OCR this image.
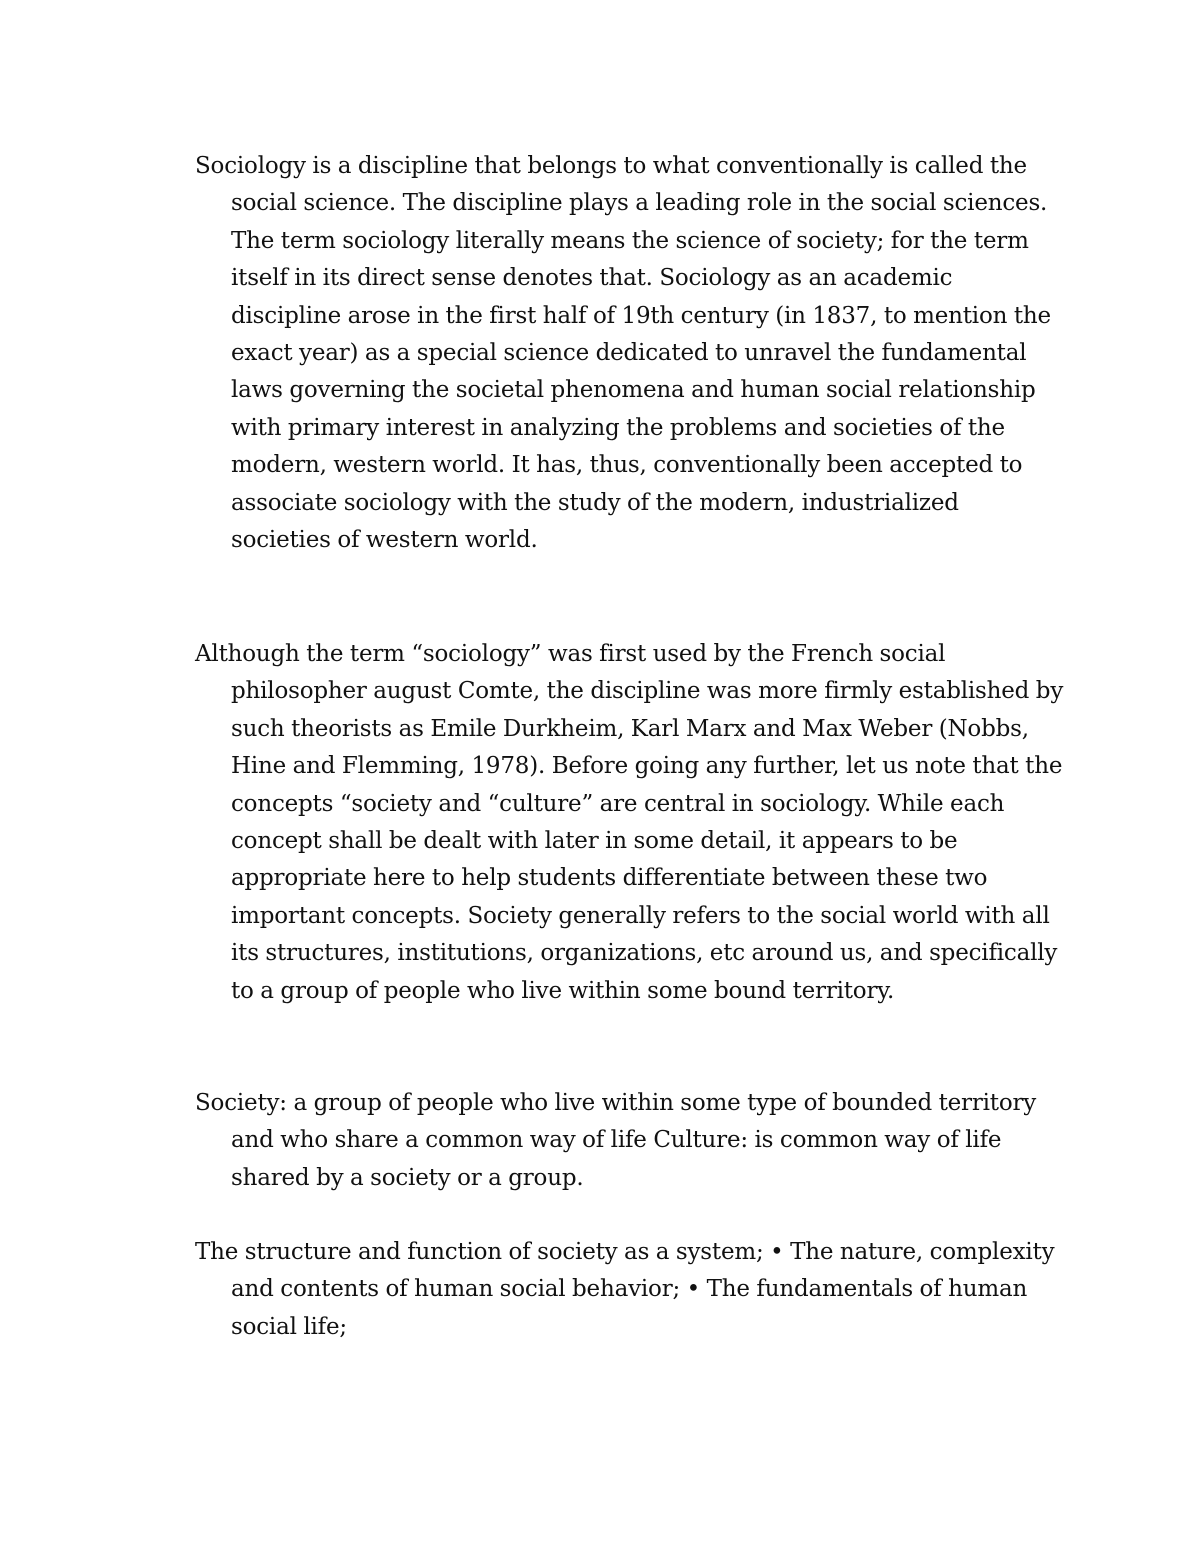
Sociology is a discipline that belongs to what conventionally is called the social science. The discipline plays a leading role in the social sciences. The term sociology literally means the science of society; for the term itself in its direct sense denotes that. Sociology as an academic discipline arose in the first half of 19th century (in 1837, to mention the exact year) as a special science dedicated to unravel the fundamental laws governing the societal phenomena and human social relationship with primary interest in analyzing the problems and societies of the modern, western world. It has, thus, conventionally been accepted to associate sociology with the study of the modern, industrialized societies of western world.

Although the term “sociology” was first used by the French social philosopher august Comte, the discipline was more firmly established by such theorists as Emile Durkheim, Karl Marx and Max Weber (Nobbs, Hine and Flemming, 1978). Before going any further, let us note that the concepts “society and “culture” are central in sociology. While each concept shall be dealt with later in some detail, it appears to be appropriate here to help students differentiate between these two important concepts. Society generally refers to the social world with all its structures, institutions, organizations, etc around us, and specifically to a group of people who live within some bound territory.

Society: a group of people who live within some type of bounded territory and who share a common way of life Culture: is common way of life shared by a society or a group.

The structure and function of society as a system; • The nature, complexity and contents of human social behavior; • The fundamentals of human social life;
